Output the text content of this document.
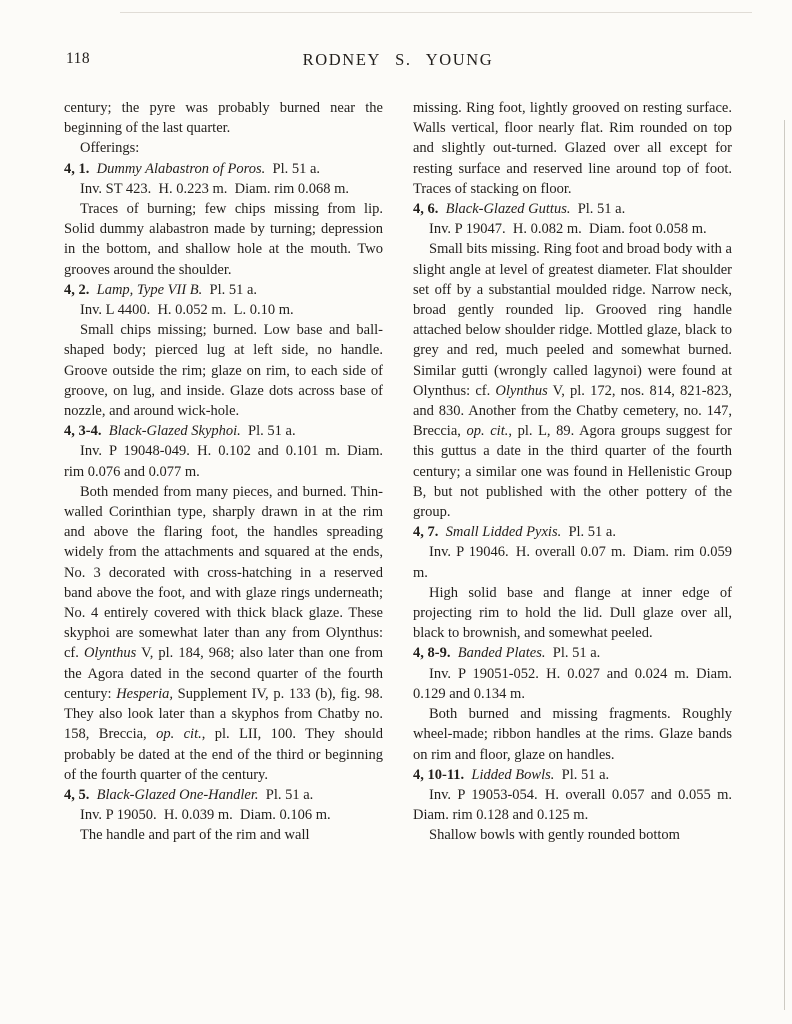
118	RODNEY S. YOUNG

century; the pyre was probably burned near the beginning of the last quarter.

Offerings:

4, 1. Dummy Alabastron of Poros. Pl. 51 a.

Inv. ST 423. H. 0.223 m. Diam. rim 0.068 m.

Traces of burning; few chips missing from lip. Solid dummy alabastron made by turning; depression in the bottom, and shallow hole at the mouth. Two grooves around the shoulder.

4, 2. Lamp, Type VII B. Pl. 51 a.

Inv. L 4400. H. 0.052 m. L. 0.10 m.

Small chips missing; burned. Low base and ball-shaped body; pierced lug at left side, no handle. Groove outside the rim; glaze on rim, to each side of groove, on lug, and inside. Glaze dots across base of nozzle, and around wick-hole.

4, 3-4. Black-Glazed Skyphoi. Pl. 51 a.

Inv. P 19048-049. H. 0.102 and 0.101 m. Diam. rim 0.076 and 0.077 m.

Both mended from many pieces, and burned. Thin-walled Corinthian type, sharply drawn in at the rim and above the flaring foot, the handles spreading widely from the attachments and squared at the ends, No. 3 decorated with cross-hatching in a reserved band above the foot, and with glaze rings underneath; No. 4 entirely covered with thick black glaze. These skyphoi are somewhat later than any from Olynthus: cf. Olynthus V, pl. 184, 968; also later than one from the Agora dated in the second quarter of the fourth century: Hesperia, Supplement IV, p. 133 (b), fig. 98. They also look later than a skyphos from Chatby no. 158, Breccia, op. cit., pl. LII, 100. They should probably be dated at the end of the third or beginning of the fourth quarter of the century.

4, 5. Black-Glazed One-Handler. Pl. 51 a.

Inv. P 19050. H. 0.039 m. Diam. 0.106 m.

The handle and part of the rim and wall

missing. Ring foot, lightly grooved on resting surface. Walls vertical, floor nearly flat. Rim rounded on top and slightly out-turned. Glazed over all except for resting surface and reserved line around top of foot. Traces of stacking on floor.

4, 6. Black-Glazed Guttus. Pl. 51 a.

Inv. P 19047. H. 0.082 m. Diam. foot 0.058 m.

Small bits missing. Ring foot and broad body with a slight angle at level of greatest diameter. Flat shoulder set off by a substantial moulded ridge. Narrow neck, broad gently rounded lip. Grooved ring handle attached below shoulder ridge. Mottled glaze, black to grey and red, much peeled and somewhat burned. Similar gutti (wrongly called lagynoi) were found at Olynthus: cf. Olynthus V, pl. 172, nos. 814, 821-823, and 830. Another from the Chatby cemetery, no. 147, Breccia, op. cit., pl. L, 89. Agora groups suggest for this guttus a date in the third quarter of the fourth century; a similar one was found in Hellenistic Group B, but not published with the other pottery of the group.

4, 7. Small Lidded Pyxis. Pl. 51 a.

Inv. P 19046. H. overall 0.07 m. Diam. rim 0.059 m.

High solid base and flange at inner edge of projecting rim to hold the lid. Dull glaze over all, black to brownish, and somewhat peeled.

4, 8-9. Banded Plates. Pl. 51 a.

Inv. P 19051-052. H. 0.027 and 0.024 m. Diam. 0.129 and 0.134 m.

Both burned and missing fragments. Roughly wheel-made; ribbon handles at the rims. Glaze bands on rim and floor, glaze on handles.

4, 10-11. Lidded Bowls. Pl. 51 a.

Inv. P 19053-054. H. overall 0.057 and 0.055 m. Diam. rim 0.128 and 0.125 m.

Shallow bowls with gently rounded bottom
